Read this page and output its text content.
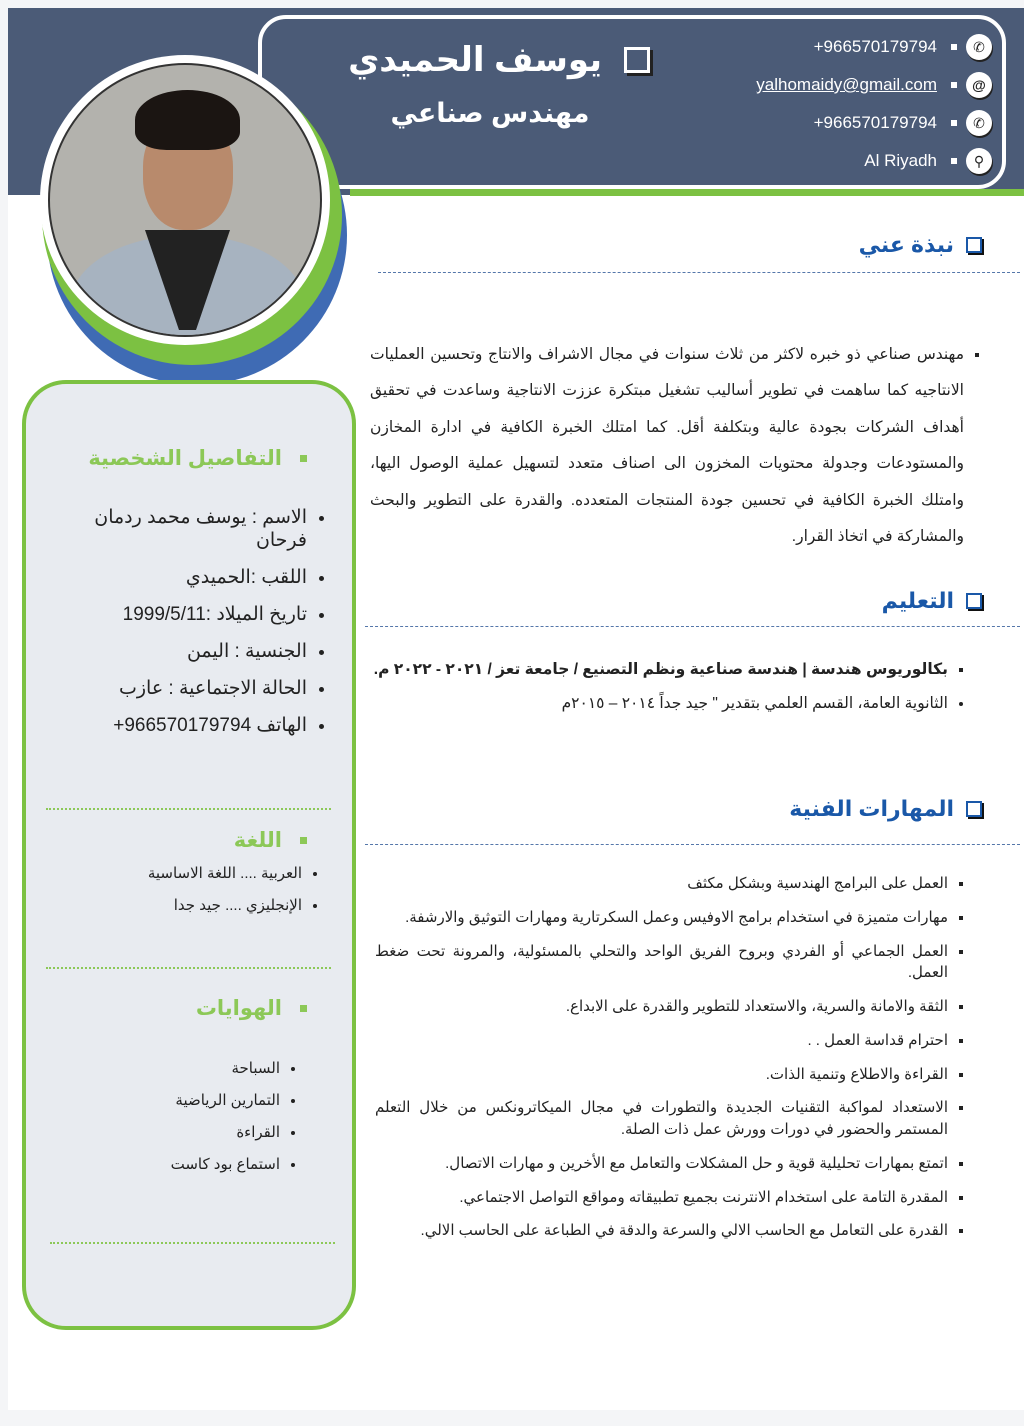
يوسف الحميدي
مهندس صناعي
+966570179794	✆
yalhomaidy@gmail.com	@
+966570179794	✆
Al Riyadh	⚲
التفاصيل الشخصية
• الاسم : يوسف محمد ردمان فرحان
• اللقب :الحميدي
• تاريخ الميلاد :1999/5/11
• الجنسية : اليمن
• الحالة الاجتماعية : عازب
• الهاتف 966570179794+
اللغة
• العربية .... اللغة الاساسية
• الإنجليزي .... جيد جدا
الهوايات
• السباحة
• التمارين الرياضية
• القراءة
• استماع بود كاست
نبذة عني
▪ مهندس صناعي ذو خبره لاكثر من ثلاث سنوات في مجال الاشراف والانتاج وتحسين العمليات الانتاجيه كما ساهمت في تطوير أساليب تشغيل مبتكرة عززت الانتاجية وساعدت في تحقيق أهداف الشركات بجودة عالية وبتكلفة أقل. كما امتلك الخبرة الكافية في ادارة المخازن والمستودعات وجدولة محتويات المخزون الى اصناف متعدد لتسهيل عملية الوصول اليها، وامتلك الخبرة الكافية في تحسين جودة المنتجات المتعدده. والقدرة على التطوير والبحث والمشاركة في اتخاذ القرار.
التعليم
▪ بكالوريوس هندسة | هندسة صناعية ونظم التصنيع / جامعة تعز / ٢٠٢١ - ٢٠٢٢ م.
• الثانوية العامة، القسم العلمي بتقدير " جيد جداً ٢٠١٤ – ٢٠١٥م
المهارات الفنية
▪ العمل على البرامج الهندسية وبشكل مكثف
▪ مهارات متميزة في استخدام برامج الاوفيس وعمل السكرتارية ومهارات التوثيق والارشفة.
▪ العمل الجماعي أو الفردي وبروح الفريق الواحد والتحلي بالمسئولية، والمرونة تحت ضغط العمل.
▪ الثقة والامانة والسرية، والاستعداد للتطوير والقدرة على الابداع.
▪ احترام قداسة العمل . .
▪ القراءة والاطلاع وتنمية الذات.
▪ الاستعداد لمواكبة التقنيات الجديدة والتطورات في مجال الميكاترونكس من خلال التعلم المستمر والحضور في دورات وورش عمل ذات الصلة.
▪ اتمتع بمهارات تحليلية قوية و حل المشكلات والتعامل مع الأخرين و مهارات الاتصال.
▪ المقدرة التامة على استخدام الانترنت بجميع تطبيقاته ومواقع التواصل الاجتماعي.
▪ القدرة على التعامل مع الحاسب الالي والسرعة والدقة في الطباعة على الحاسب الالي.
